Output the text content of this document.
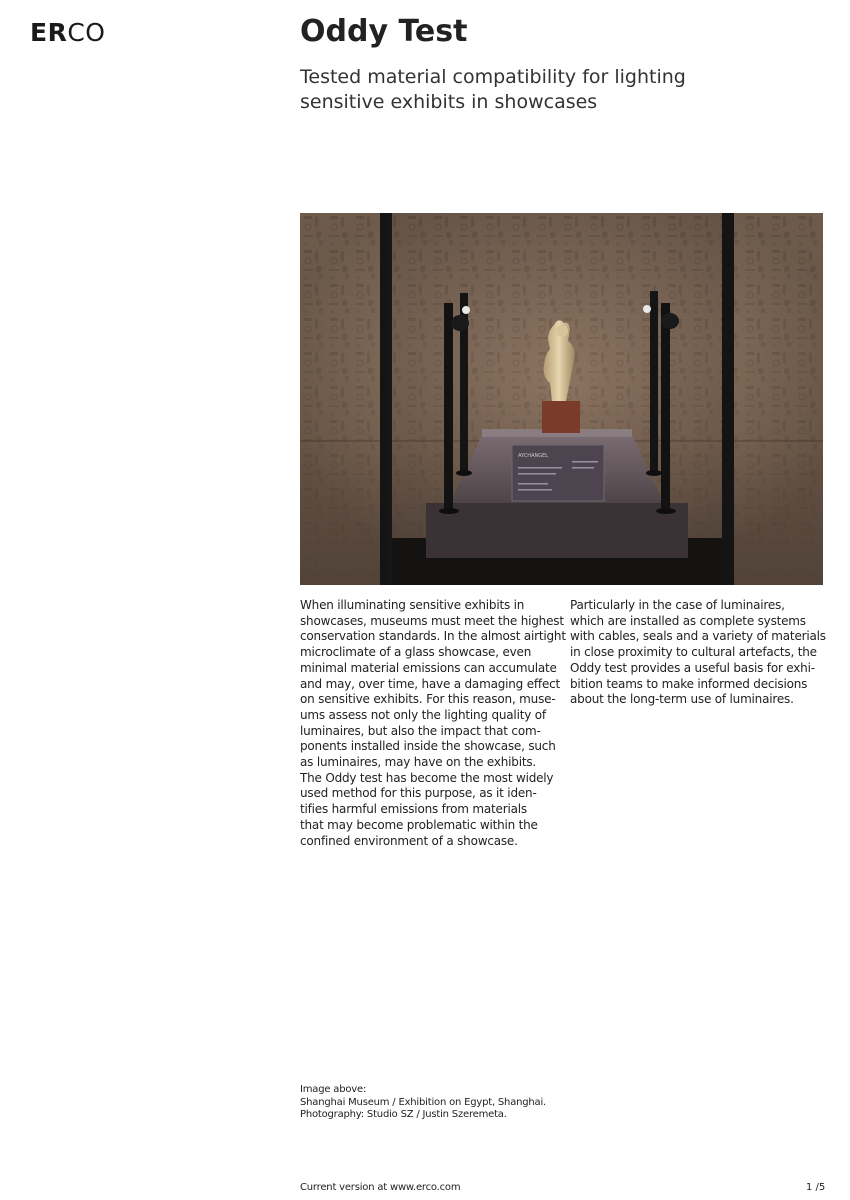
ERCO	Oddy Test
Tested material compatibility for lighting sensitive exhibits in showcases
AYCHANGEL

When illuminating sensitive exhibits in
showcases, museums must meet the highest
conservation standards. In the almost airtight
microclimate of a glass showcase, even
minimal material emissions can accumulate
and may, over time, have a damaging effect
on sensitive exhibits. For this reason, muse-
ums assess not only the lighting quality of
luminaires, but also the impact that com-
ponents installed inside the showcase, such
as luminaires, may have on the exhibits.
The Oddy test has become the most widely
used method for this purpose, as it iden-
tifies harmful emissions from materials
that may become problematic within the
confined environment of a showcase.

Particularly in the case of luminaires,
which are installed as complete systems
with cables, seals and a variety of materials
in close proximity to cultural artefacts, the
Oddy test provides a useful basis for exhi-
bition teams to make informed decisions
about the long-term use of luminaires.

Image above:
Shanghai Museum / Exhibition on Egypt, Shanghai.
Photography: Studio SZ / Justin Szeremeta.
Current version at www.erco.com	1 /5
